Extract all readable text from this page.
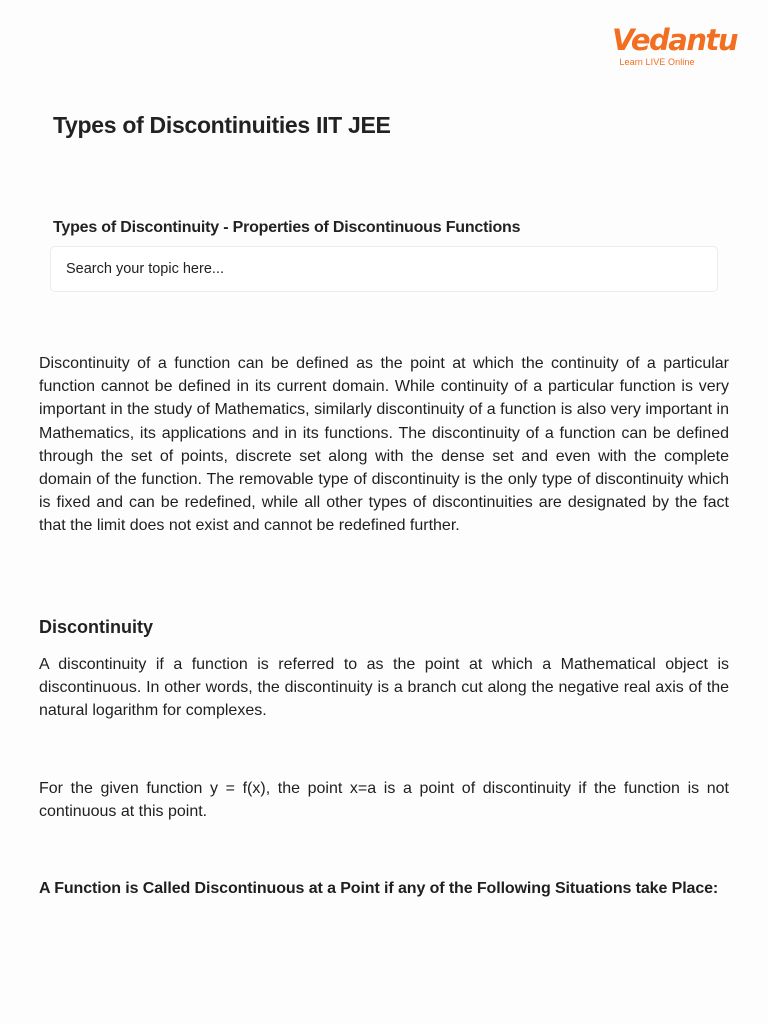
Vedantu
Learn LIVE Online
Types of Discontinuities IIT JEE
Types of Discontinuity - Properties of Discontinuous Functions
Search your topic here...

Discontinuity of a function can be defined as the point at which the continuity of a particular function cannot be defined in its current domain. While continuity of a particular function is very important in the study of Mathematics, similarly discontinuity of a function is also very important in Mathematics, its applications and in its functions. The discontinuity of a function can be defined through the set of points, discrete set along with the dense set and even with the complete domain of the function. The removable type of discontinuity is the only type of discontinuity which is fixed and can be redefined, while all other types of discontinuities are designated by the fact that the limit does not exist and cannot be redefined further.

Discontinuity

A discontinuity if a function is referred to as the point at which a Mathematical object is discontinuous. In other words, the discontinuity is a branch cut along the negative real axis of the natural logarithm for complexes.

For the given function y = f(x), the point x=a is a point of discontinuity if the function is not continuous at this point.

A Function is Called Discontinuous at a Point if any of the Following Situations take Place:
